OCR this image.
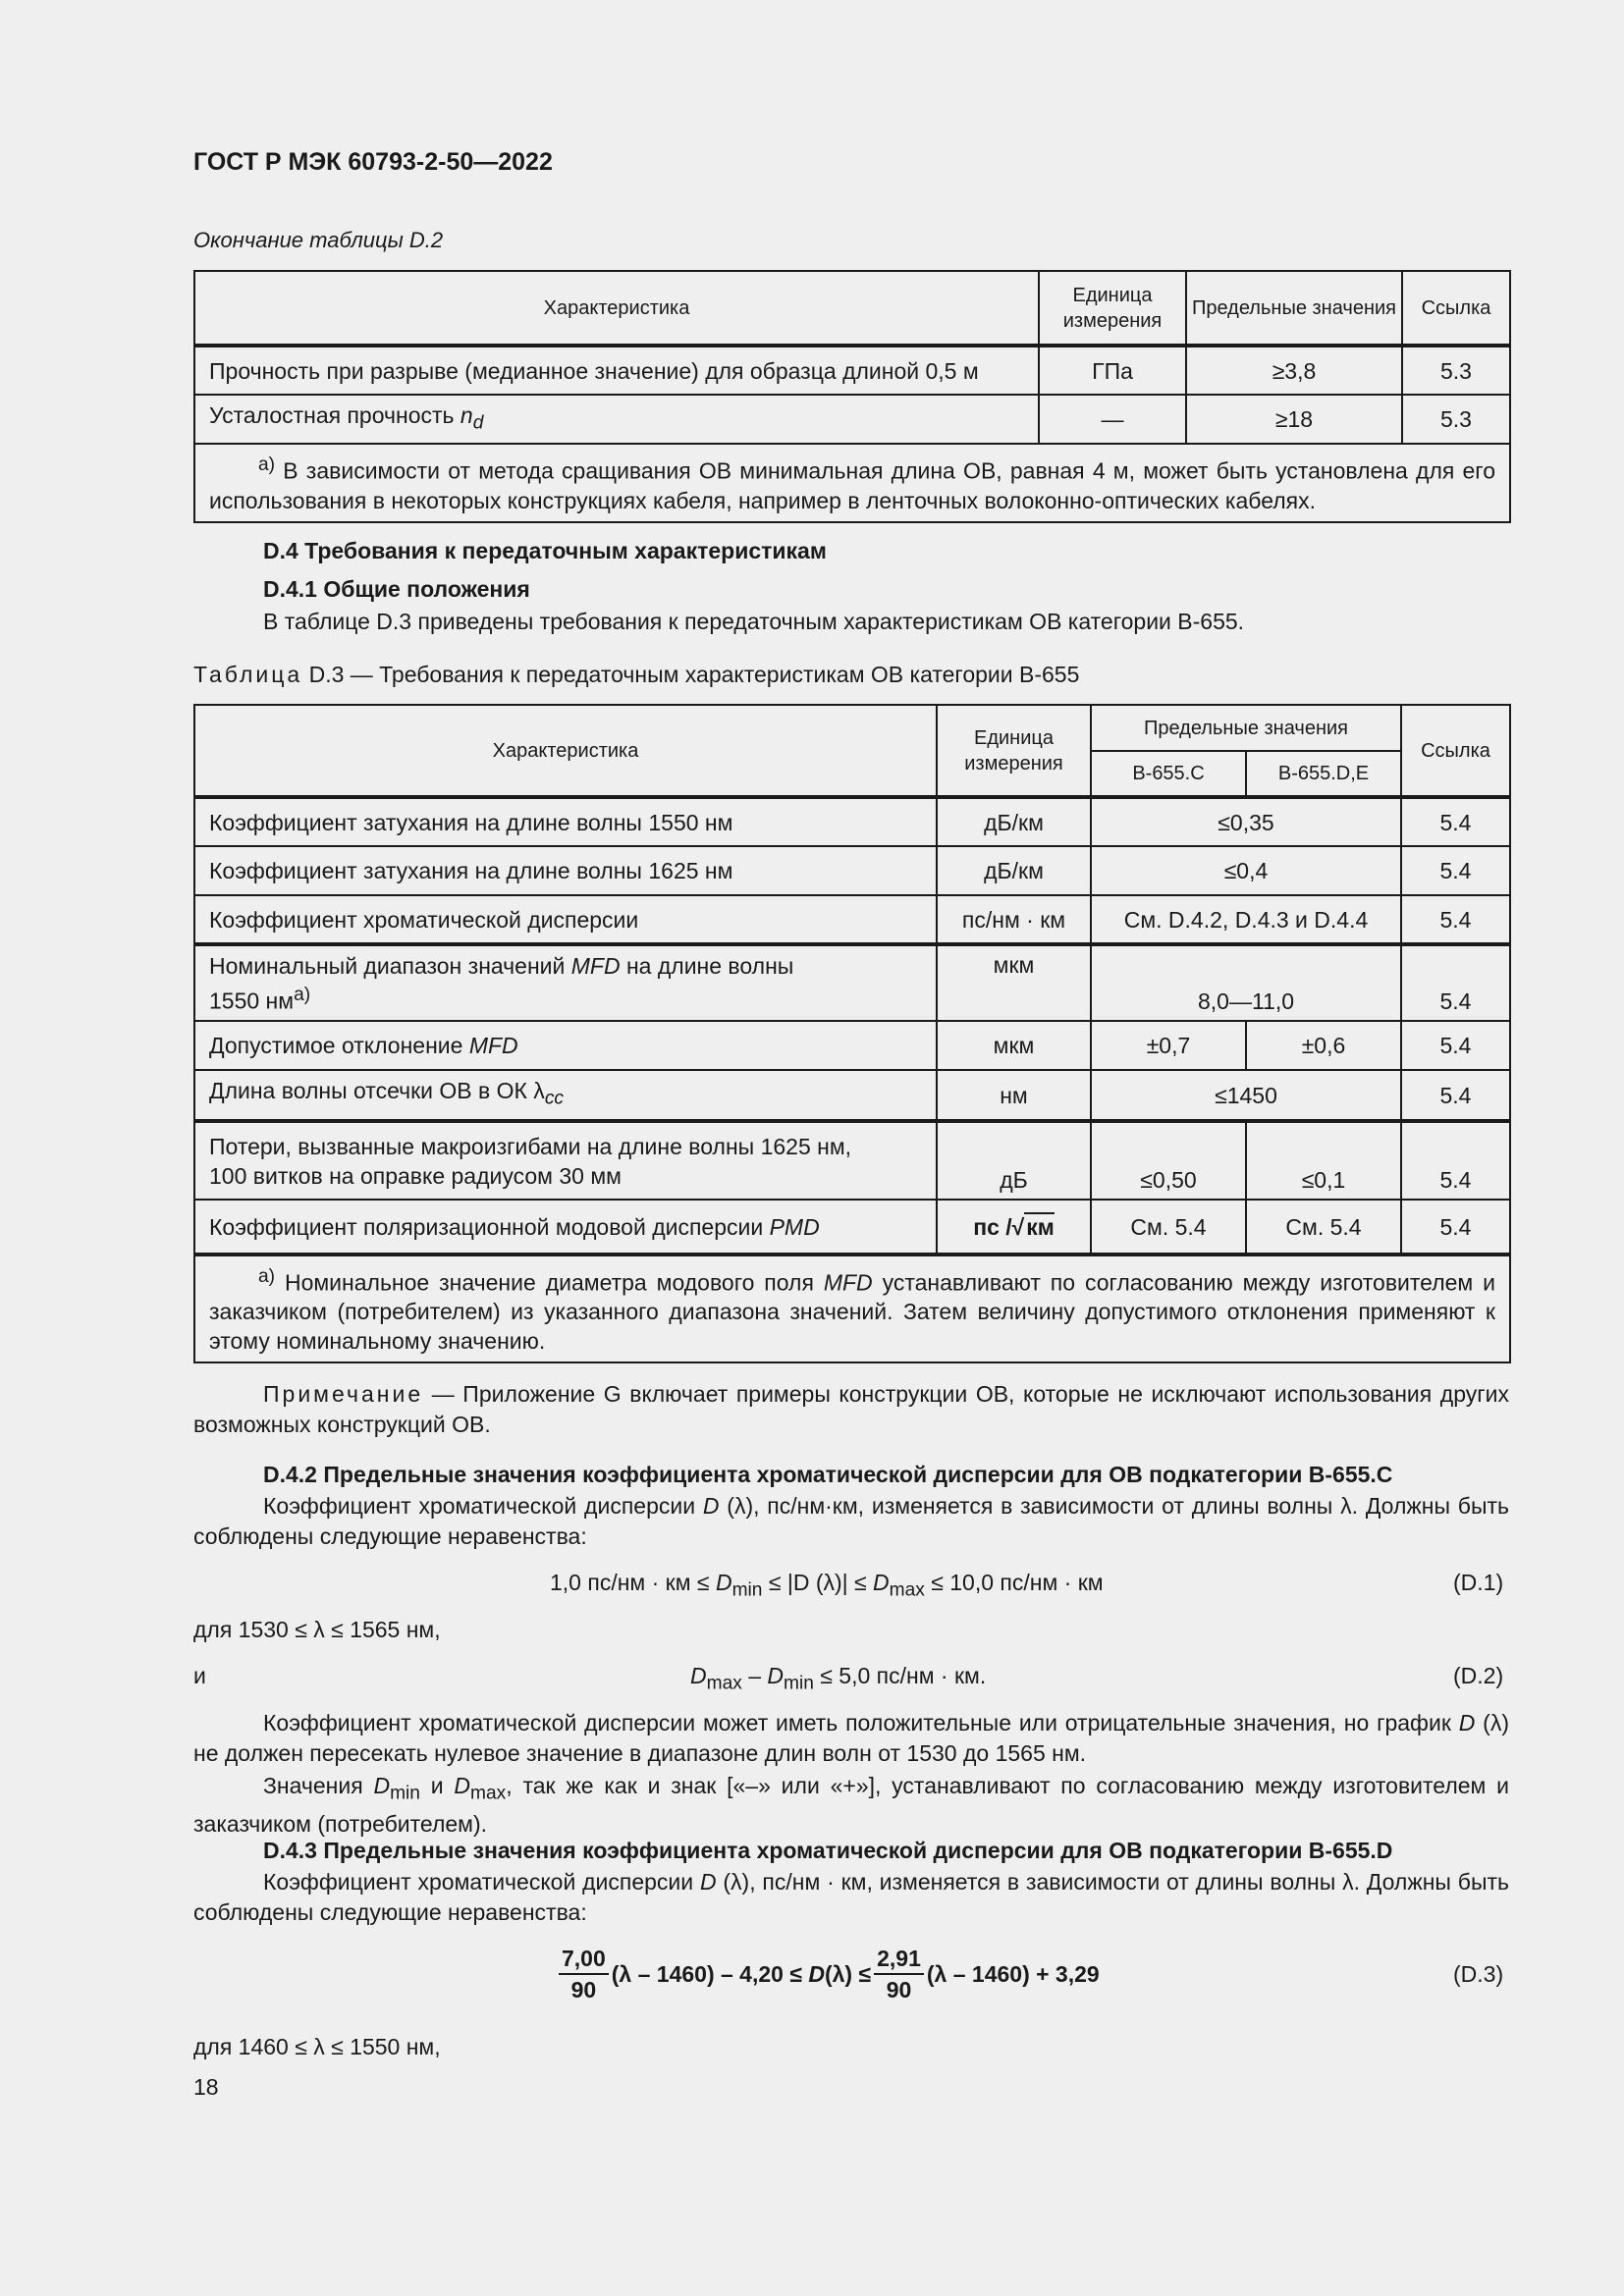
ГОСТ Р МЭК 60793-2-50—2022
Окончание таблицы D.2
Характеристика	Единица измерения	Предельные значения	Ссылка
Прочность при разрыве (медианное значение) для образца длиной 0,5 м	ГПа	≥3,8	5.3
Усталостная прочность $n_d$	—	≥18	5.3
$^{а)}$ В зависимости от метода сращивания ОВ минимальная длина ОВ, равная 4 м, может быть установлена для его использования в некоторых конструкциях кабеля, например в ленточных волоконно-оптических кабелях.			
D.4 Требования к передаточным характеристикам
D.4.1 Общие положения
В таблице D.3 приведены требования к передаточным характеристикам ОВ категории В-655.
Таблица D.3 — Требования к передаточным характеристикам ОВ категории В-655
Характеристика	Единица измерения	Предельные значения		Ссылка
		В-655.С	В-655.D,E	
Коэффициент затухания на длине волны 1550 нм	дБ/км	≤0,35		5.4
Коэффициент затухания на длине волны 1625 нм	дБ/км	≤0,4		5.4
Коэффициент хроматической дисперсии	пс/нм · км	См. D.4.2, D.4.3 и D.4.4		5.4

Номинальный диапазон значений MFD на длине волны
1550 $нм^{а)}$	мкм	8,0—11,0		5.4
Допустимое отклонение MFD	мкм	±0,7	±0,6	5.4
Длина волны отсечки ОВ в ОК $\lambda_{cc}$	нм	≤1450		5.4

Потери, вызванные макроизгибами на длине волны 1625 нм,
100 витков на оправке радиусом 30 мм	дБ	≤0,50	≤0,1	5.4
Коэффициент поляризационной модовой дисперсии PMD	пс /√км	См. 5.4	См. 5.4	5.4
$^{а)}$ Номинальное значение диаметра модового поля MFD устанавливают по согласованию между изготовителем и заказчиком (потребителем) из указанного диапазона значений. Затем величину допустимого отклонения применяют к этому номинальному значению.				
Примечание — Приложение G включает примеры конструкции ОВ, которые не исключают использования других возможных конструкций ОВ.
D.4.2 Предельные значения коэффициента хроматической дисперсии для ОВ подкатегории В-655.С
Коэффициент хроматической дисперсии D (λ), пс/нм·км, изменяется в зависимости от длины волны λ. Должны быть соблюдены следующие неравенства:
1,0 пс/нм · км ≤ $D_{min} \le |D$ $(\lambda)| \le D_{max} \le 10,0$ пс/нм · км	(D.1)
для 1530 ≤ λ ≤ 1565 нм,
и	$D_{max} - D_{min} \le 5,0$ пс/нм · км.	(D.2)
Коэффициент хроматической дисперсии может иметь положительные или отрицательные значения, но график D (λ) не должен пересекать нулевое значение в диапазоне длин волн от 1530 до 1565 нм.
Значения $D_{min}$ и $D_{max}$, так же как и знак [«–» или «+»], устанавливают по согласованию между изготовителем и заказчиком (потребителем).
D.4.3 Предельные значения коэффициента хроматической дисперсии для ОВ подкатегории В-655.D
Коэффициент хроматической дисперсии D (λ), пс/нм · км, изменяется в зависимости от длины волны λ. Должны быть соблюдены следующие неравенства:
$\frac{7,00}{90} (\lambda - 1460) - 4,20 \le D(\lambda) \le \frac{2,91}{90} (\lambda - 1460) + 3,29$	(D.3)
для 1460 ≤ λ ≤ 1550 нм,
18
